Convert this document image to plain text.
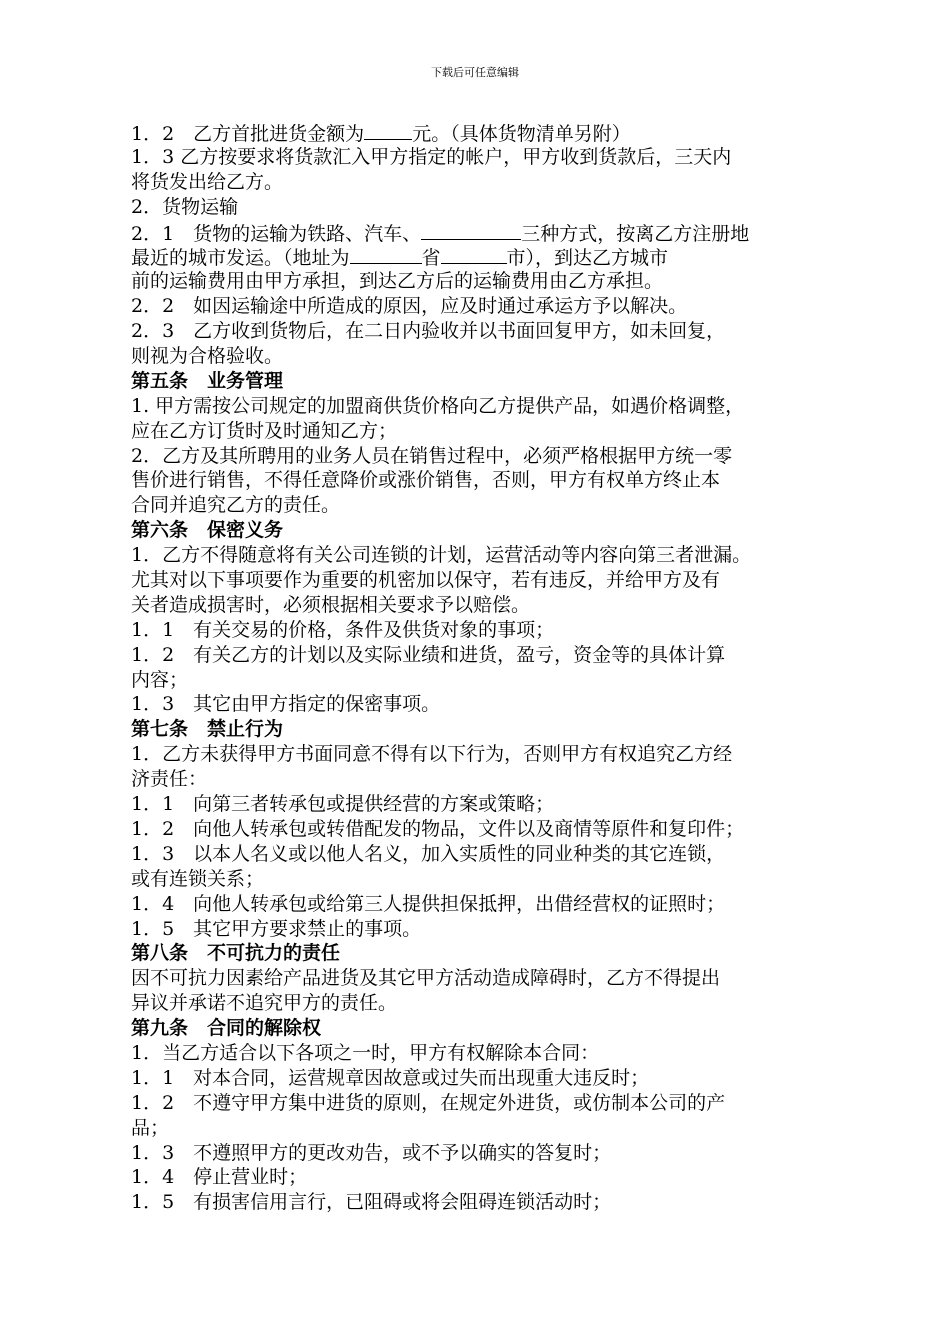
下载后可任意编辑
1．2　乙方首批进货金额为	元。（具体货物清单另附）
1．3 乙方按要求将货款汇入甲方指定的帐户，甲方收到货款后，三天内
将货发出给乙方。
2．货物运输
2．1　货物的运输为铁路、汽车、	三种方式，按离乙方注册地
最近的城市发运。（地址为	省	市），到达乙方城市
前的运输费用由甲方承担，到达乙方后的运输费用由乙方承担。
2．2　如因运输途中所造成的原因，应及时通过承运方予以解决。
2．3　乙方收到货物后，在二日内验收并以书面回复甲方，如未回复，
则视为合格验收。
第五条　业务管理
1. 甲方需按公司规定的加盟商供货价格向乙方提供产品，如遇价格调整，
应在乙方订货时及时通知乙方；
2．乙方及其所聘用的业务人员在销售过程中，必须严格根据甲方统一零
售价进行销售，不得任意降价或涨价销售，否则，甲方有权单方终止本
合同并追究乙方的责任。
第六条　保密义务
1．乙方不得随意将有关公司连锁的计划，运营活动等内容向第三者泄漏。
尤其对以下事项要作为重要的机密加以保守，若有违反，并给甲方及有
关者造成损害时，必须根据相关要求予以赔偿。
1．1　有关交易的价格，条件及供货对象的事项；
1．2　有关乙方的计划以及实际业绩和进货，盈亏，资金等的具体计算
内容；
1．3　其它由甲方指定的保密事项。
第七条　禁止行为
1．乙方未获得甲方书面同意不得有以下行为，否则甲方有权追究乙方经
济责任：
1．1　向第三者转承包或提供经营的方案或策略；
1．2　向他人转承包或转借配发的物品，文件以及商情等原件和复印件；
1．3　以本人名义或以他人名义，加入实质性的同业种类的其它连锁，
或有连锁关系；
1．4　向他人转承包或给第三人提供担保抵押，出借经营权的证照时；
1．5　其它甲方要求禁止的事项。
第八条　不可抗力的责任
因不可抗力因素给产品进货及其它甲方活动造成障碍时，乙方不得提出
异议并承诺不追究甲方的责任。
第九条　合同的解除权
1．当乙方适合以下各项之一时，甲方有权解除本合同：
1．1　对本合同，运营规章因故意或过失而出现重大违反时；
1．2　不遵守甲方集中进货的原则，在规定外进货，或仿制本公司的产
品；
1．3　不遵照甲方的更改劝告，或不予以确实的答复时；
1．4　停止营业时；
1．5　有损害信用言行，已阻碍或将会阻碍连锁活动时；
